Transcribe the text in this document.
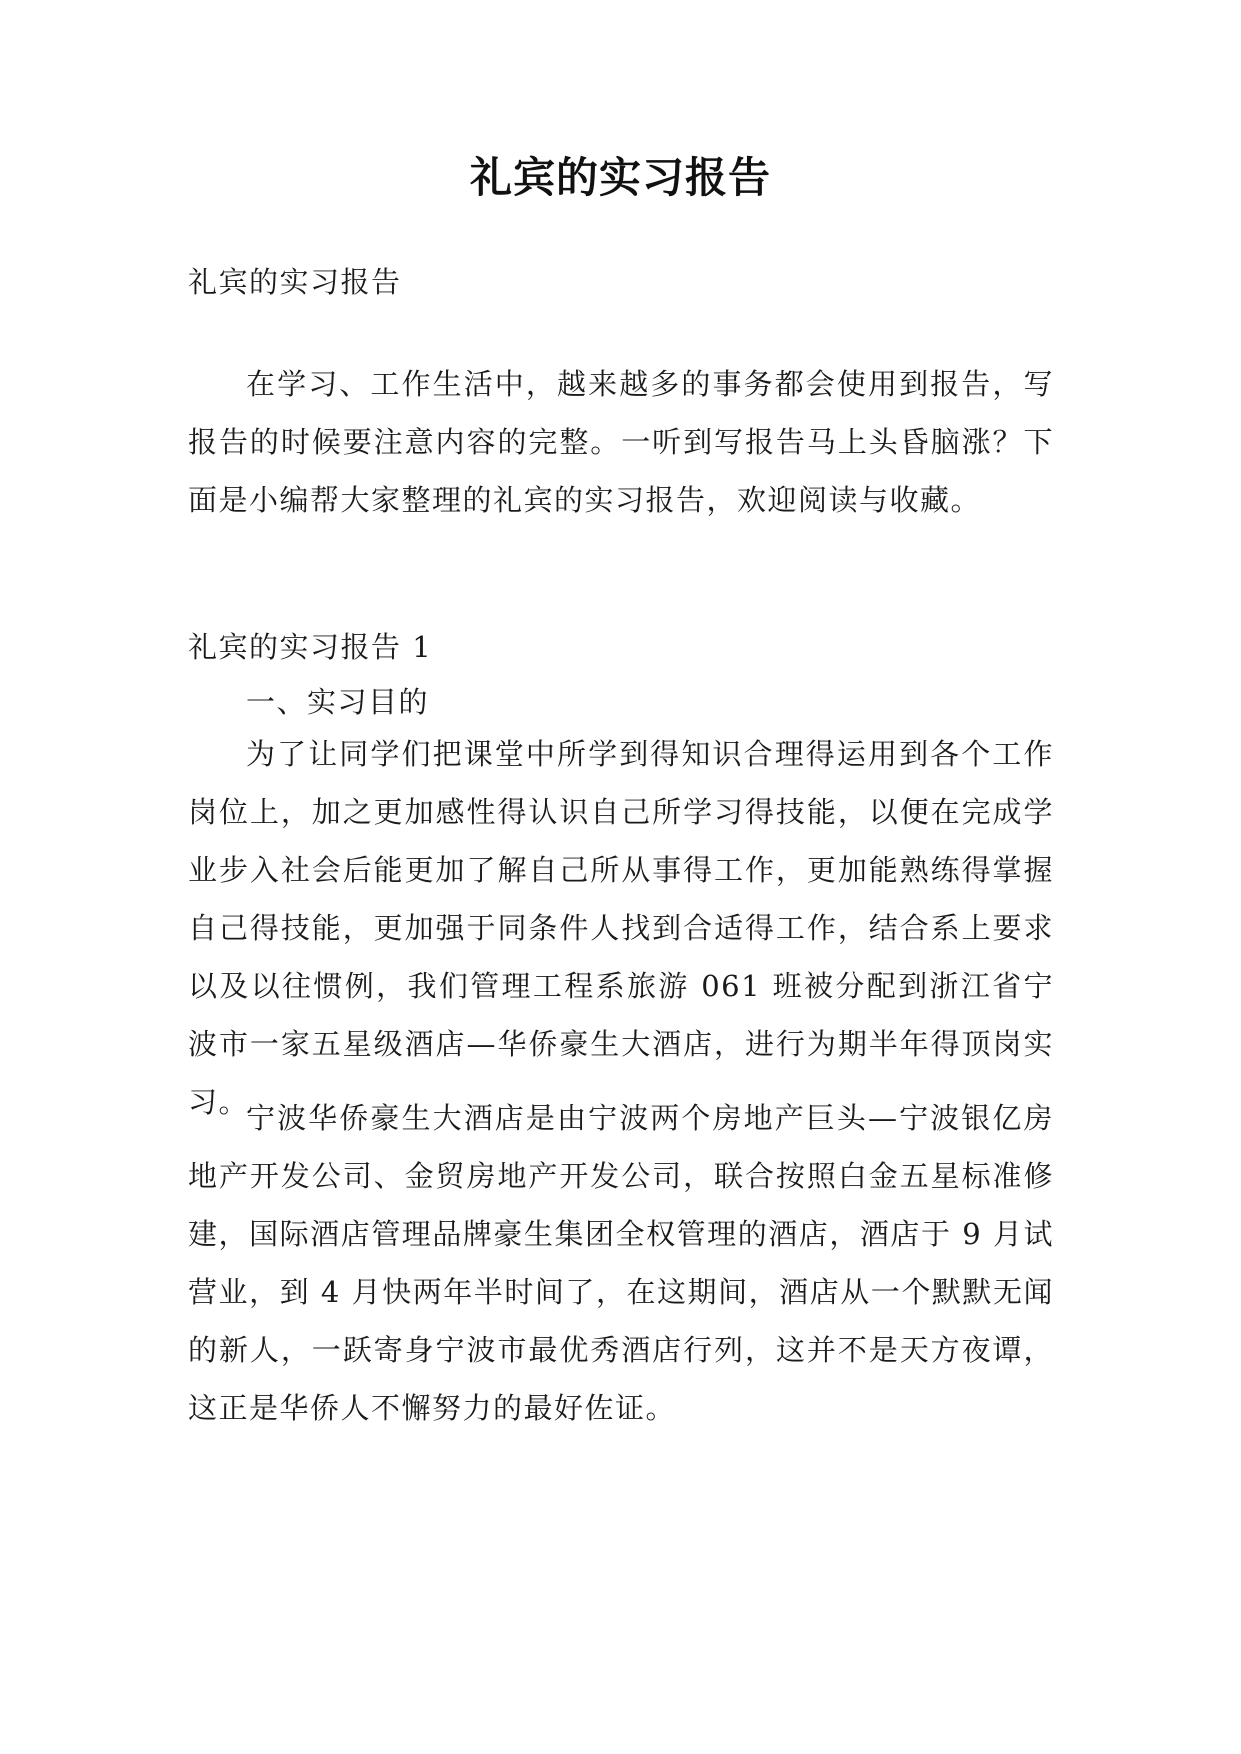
礼宾的实习报告
礼宾的实习报告

在学习、工作生活中，越来越多的事务都会使用到报告，写报告的时候要注意内容的完整。一听到写报告马上头昏脑涨？下面是小编帮大家整理的礼宾的实习报告，欢迎阅读与收藏。

礼宾的实习报告 1
一、实习目的

为了让同学们把课堂中所学到得知识合理得运用到各个工作岗位上，加之更加感性得认识自己所学习得技能，以便在完成学业步入社会后能更加了解自己所从事得工作，更加能熟练得掌握自己得技能，更加强于同条件人找到合适得工作，结合系上要求以及以往惯例，我们管理工程系旅游 061 班被分配到浙江省宁波市一家五星级酒店—华侨豪生大酒店，进行为期半年得顶岗实习。

宁波华侨豪生大酒店是由宁波两个房地产巨头—宁波银亿房地产开发公司、金贸房地产开发公司，联合按照白金五星标准修建，国际酒店管理品牌豪生集团全权管理的酒店，酒店于 9 月试营业，到 4 月快两年半时间了，在这期间，酒店从一个默默无闻的新人，一跃寄身宁波市最优秀酒店行列，这并不是天方夜谭，这正是华侨人不懈努力的最好佐证。
